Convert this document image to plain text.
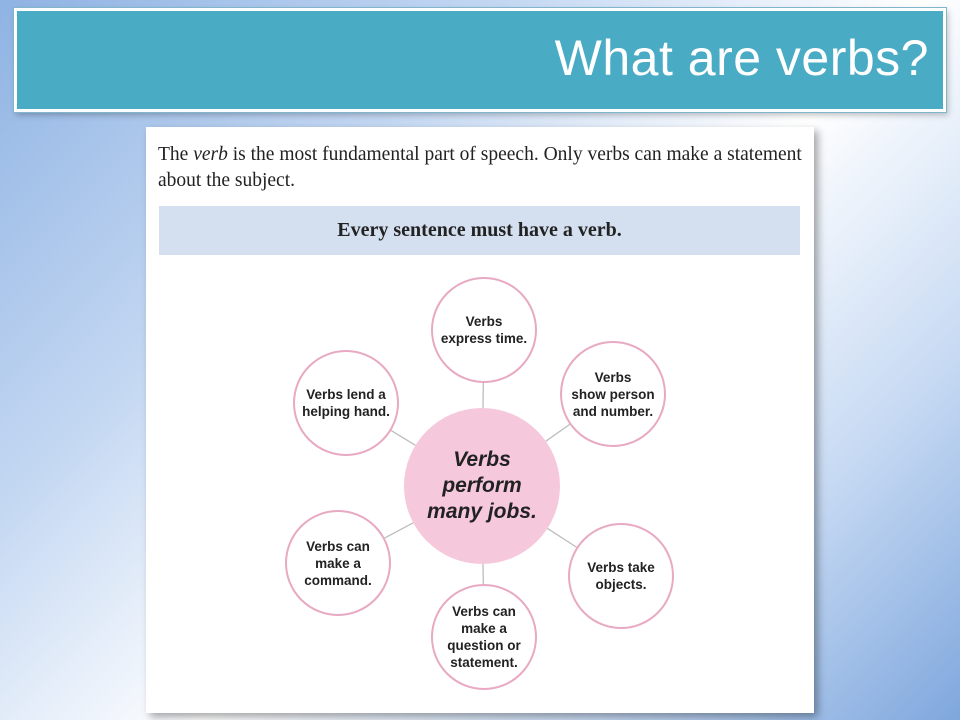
What are verbs?
The verb is the most fundamental part of speech. Only verbs can make a statement about the subject.
Every sentence must have a verb.
Verbs
perform
many jobs.
Verbs
express time.
Verbs
show person
and number.
Verbs take
objects.
Verbs can
make a
question or
statement.
Verbs can
make a
command.
Verbs lend a
helping hand.
